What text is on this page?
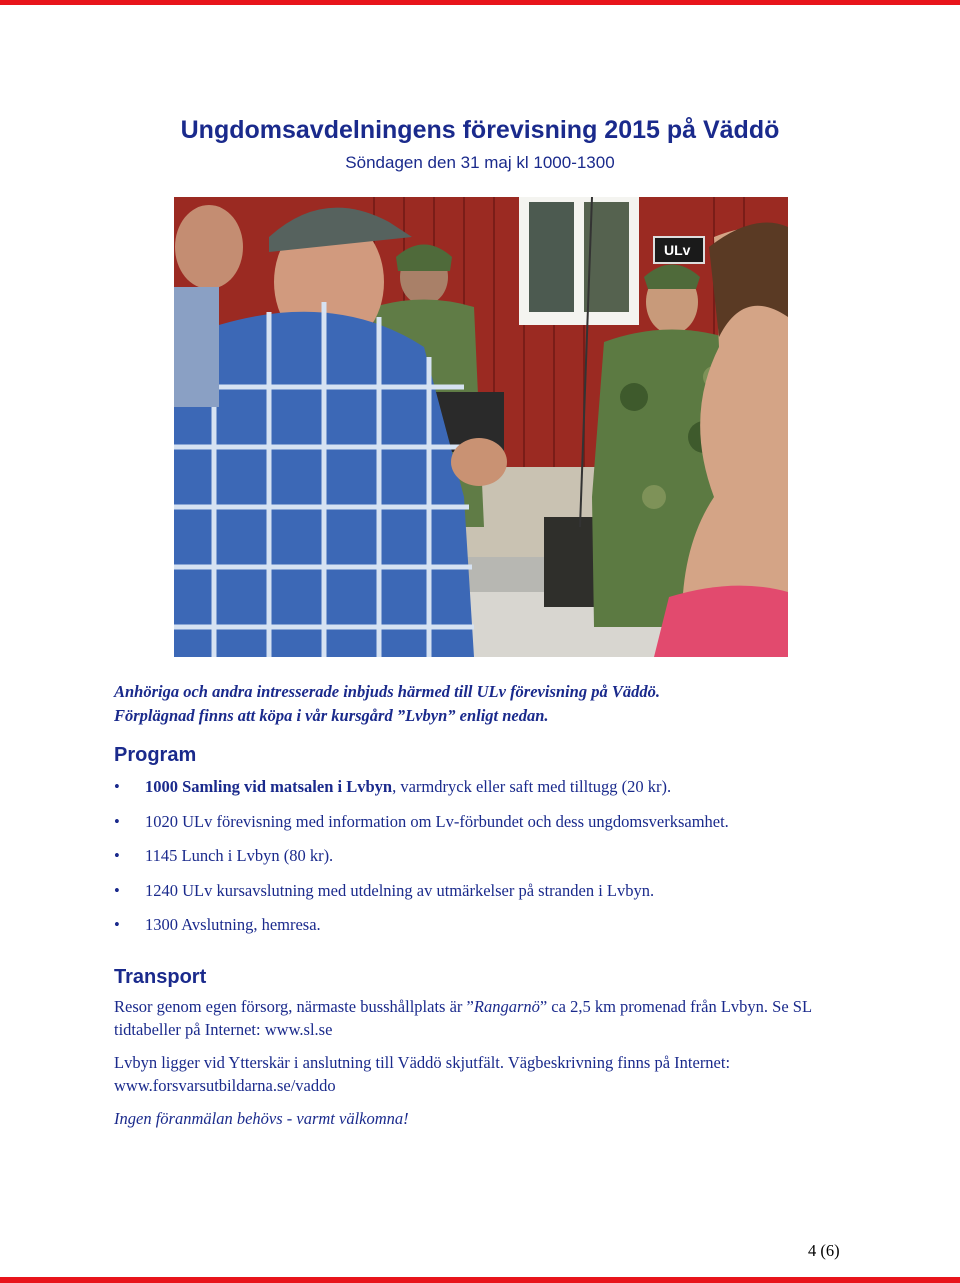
Ungdomsavdelningens förevisning 2015 på Väddö
Söndagen den 31 maj kl 1000-1300
ULv

Anhöriga och andra intresserade inbjuds härmed till ULv förevisning på Väddö.

Förplägnad finns att köpa i vår kursgård ”Lvbyn” enligt nedan.

Program
• 1000 Samling vid matsalen i Lvbyn, varmdryck eller saft med tilltugg (20 kr).
• 1020 ULv förevisning med information om Lv-förbundet och dess ungdomsverksamhet.
• 1145 Lunch i Lvbyn (80 kr).
• 1240 ULv kursavslutning med utdelning av utmärkelser på stranden i Lvbyn.
• 1300 Avslutning, hemresa.
Transport

Resor genom egen försorg, närmaste busshållplats är ”Rangarnö” ca 2,5 km promenad från Lvbyn. Se SL tidtabeller på Internet: www.sl.se

Lvbyn ligger vid Ytterskär i anslutning till Väddö skjutfält. Vägbeskrivning finns på Internet: www.forsvarsutbildarna.se/vaddo

Ingen föranmälan behövs - varmt välkomna!

4 (6)
